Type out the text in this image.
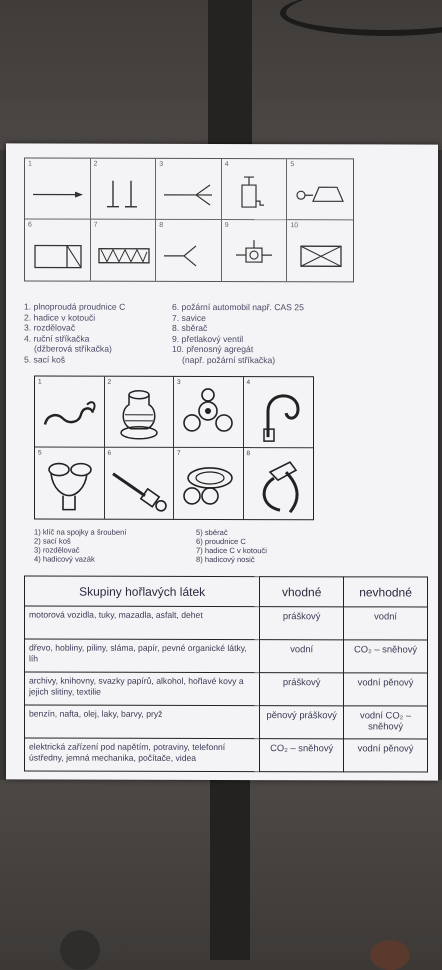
1	2	3	4	5
6	7	8	9	10
1. plnoproudá proudnice C
2. hadice v kotouči
3. rozdělovač
4. ruční stříkačka
(džberová stříkačka)
5. sací koš
6. požární automobil např. CAS 25
7. savice
8. sběrač
9. přetlakový ventil
10. přenosný agregát
(např. požární stříkačka)
1	2	3	4
5	6	7	8
1) klíč na spojky a šroubení
2) sací koš
3) rozdělovač
4) hadicový vazák
5) sběrač
6) proudnice C
7) hadice C v kotouči
8) hadicový nosič
Skupiny hořlavých látek	vhodné	nevhodné
motorová vozidla, tuky, mazadla, asfalt, dehet	práškový	vodní
dřevo, hobliny, piliny, sláma, papír, pevné organické látky, líh	vodní	CO₂ – sněhový
archivy, knihovny, svazky papírů, alkohol, hořlavé kovy a jejich slitiny, textilie	práškový	vodní pěnový
benzín, nafta, olej, laky, barvy, pryž	pěnový práškový	vodní CO₂ – sněhový
elektrická zařízení pod napětím, potraviny, telefonní ústředny, jemná mechanika, počítače, videa	CO₂ – sněhový	vodní pěnový
